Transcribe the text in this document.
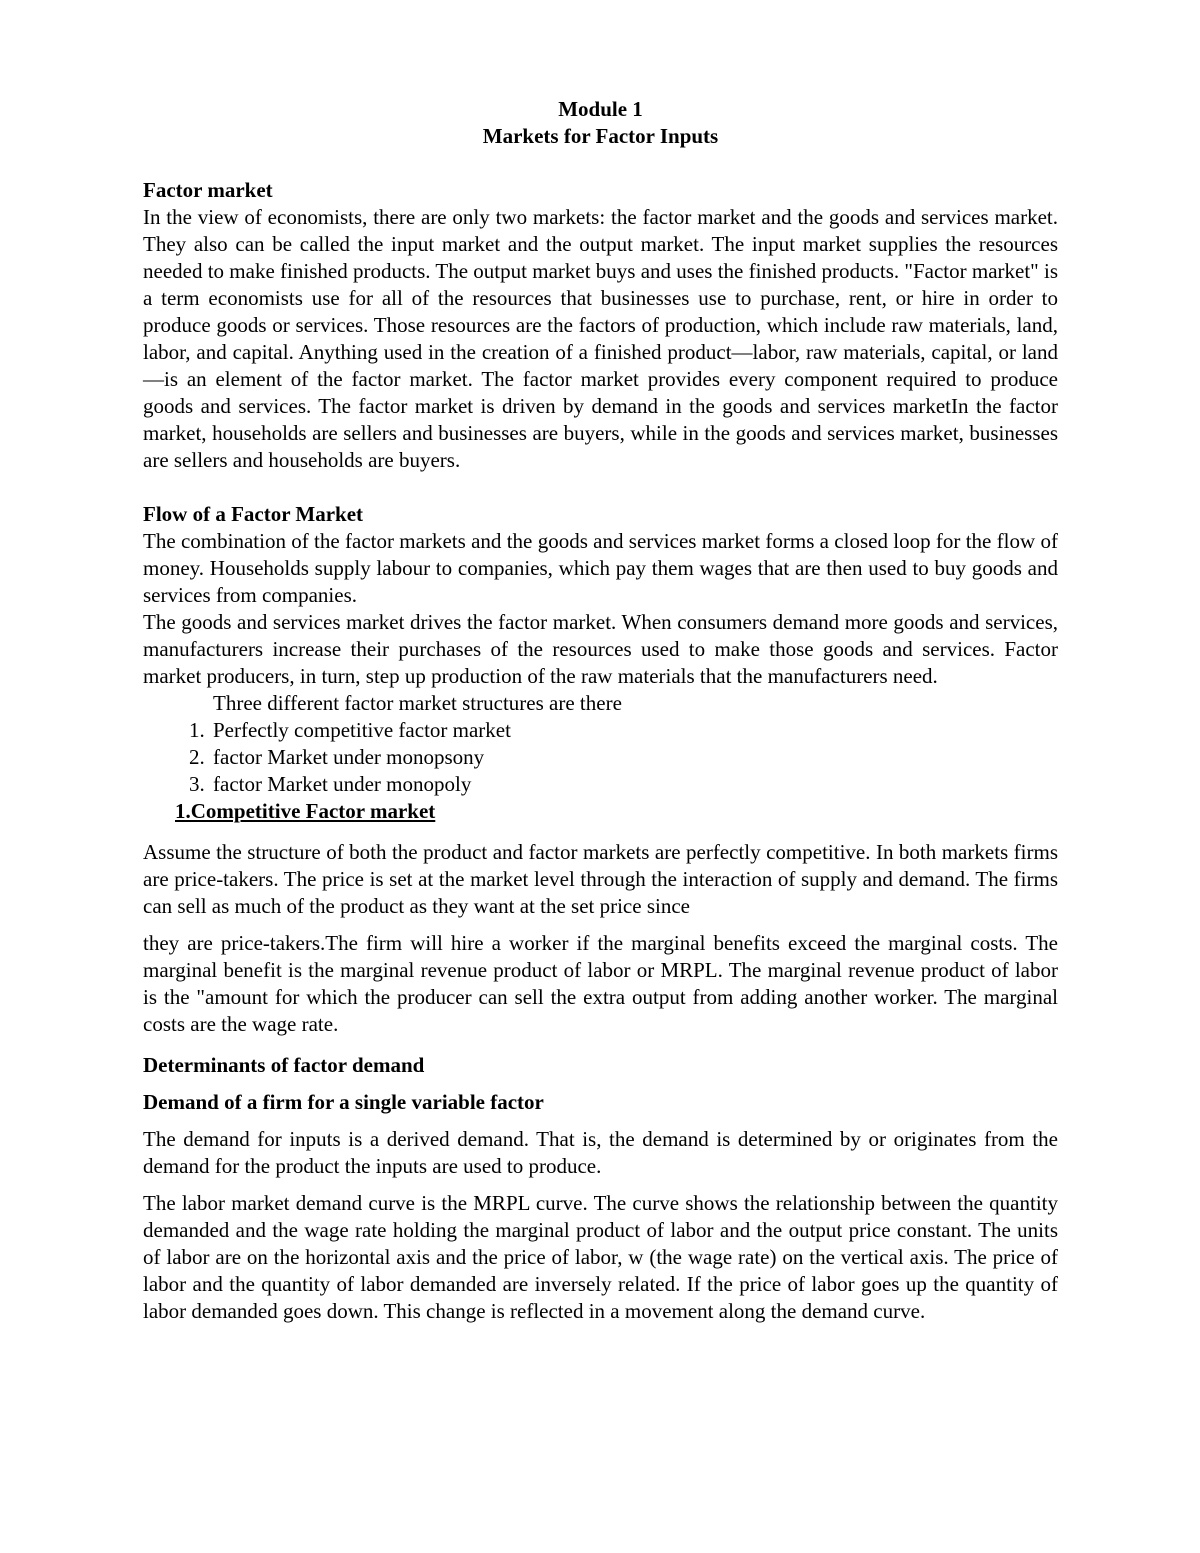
Module 1
Markets for Factor Inputs
Factor market

In the view of economists, there are only two markets: the factor market and the goods and services market. They also can be called the input market and the output market. The input market supplies the resources needed to make finished products. The output market buys and uses the finished products. "Factor market" is a term economists use for all of the resources that businesses use to purchase, rent, or hire in order to produce goods or services. Those resources are the factors of production, which include raw materials, land, labor, and capital. Anything used in the creation of a finished product—labor, raw materials, capital, or land—is an element of the factor market. The factor market provides every component required to produce goods and services. The factor market is driven by demand in the goods and services marketIn the factor market, households are sellers and businesses are buyers, while in the goods and services market, businesses are sellers and households are buyers.

Flow of a Factor Market

The combination of the factor markets and the goods and services market forms a closed loop for the flow of money. Households supply labour to companies, which pay them wages that are then used to buy goods and services from companies.

The goods and services market drives the factor market. When consumers demand more goods and services, manufacturers increase their purchases of the resources used to make those goods and services. Factor market producers, in turn, step up production of the raw materials that the manufacturers need.

Three different factor market structures are there
1. Perfectly competitive factor market
2. factor Market under monopsony
3. factor Market under monopoly
1.Competitive Factor market

Assume the structure of both the product and factor markets are perfectly competitive. In both markets firms are price-takers. The price is set at the market level through the interaction of supply and demand. The firms can sell as much of the product as they want at the set price since

they are price-takers.The firm will hire a worker if the marginal benefits exceed the marginal costs. The marginal benefit is the marginal revenue product of labor or MRPL. The marginal revenue product of labor is the "amount for which the producer can sell the extra output from adding another worker. The marginal costs are the wage rate.

Determinants of factor demand
Demand of a firm for a single variable factor

The demand for inputs is a derived demand. That is, the demand is determined by or originates from the demand for the product the inputs are used to produce.

The labor market demand curve is the MRPL curve. The curve shows the relationship between the quantity demanded and the wage rate holding the marginal product of labor and the output price constant. The units of labor are on the horizontal axis and the price of labor, w (the wage rate) on the vertical axis. The price of labor and the quantity of labor demanded are inversely related. If the price of labor goes up the quantity of labor demanded goes down. This change is reflected in a movement along the demand curve.
